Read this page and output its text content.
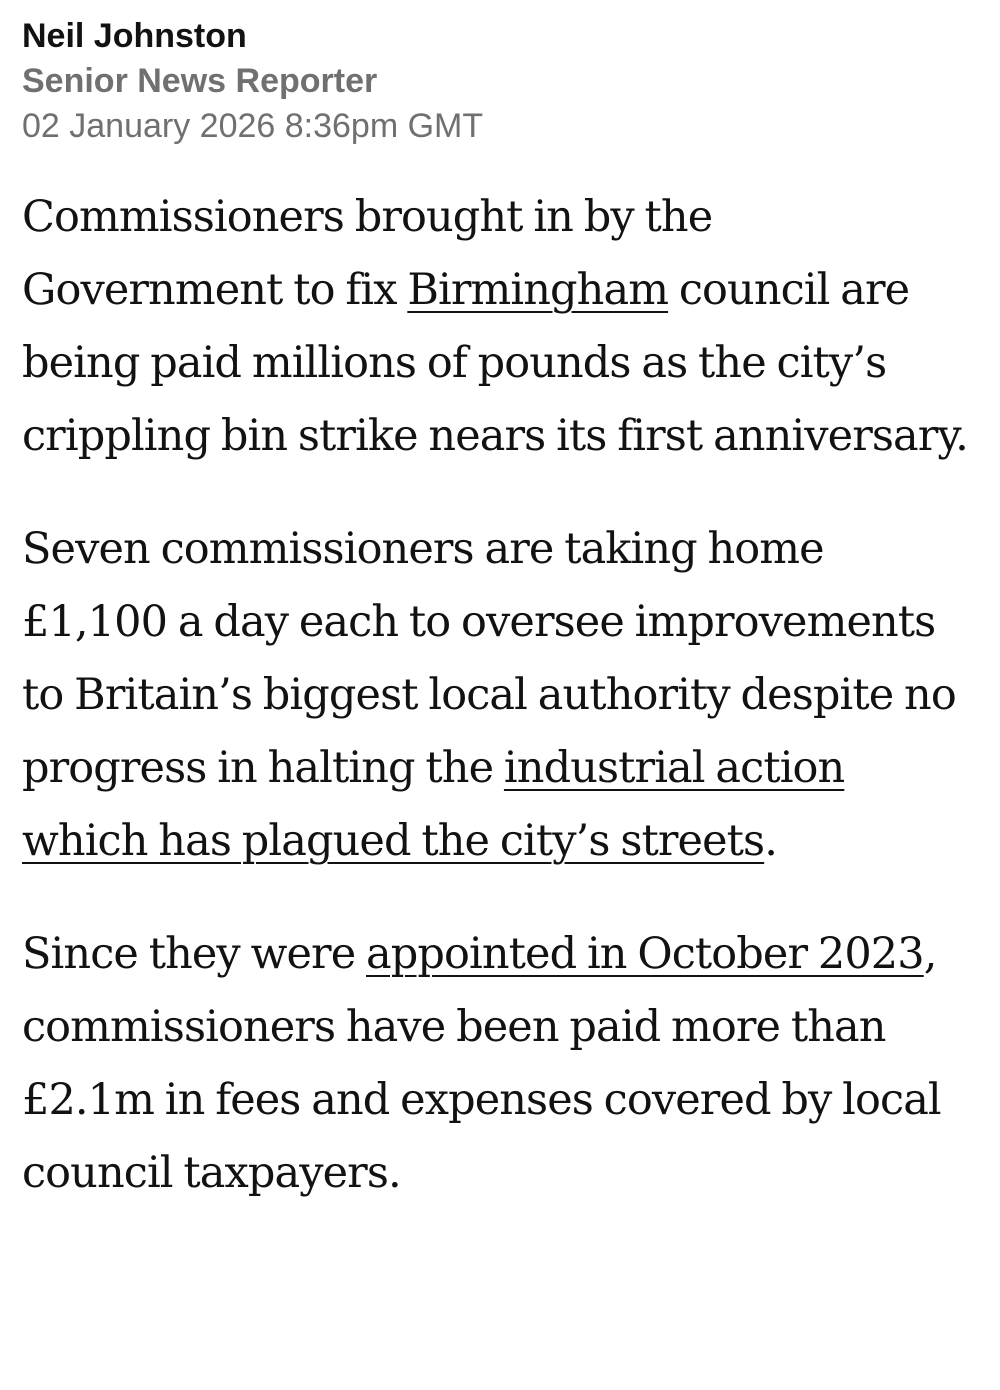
Neil Johnston
Senior News Reporter
02 January 2026 8:36pm GMT

Commissioners brought in by the Government to fix Birmingham council are being paid millions of pounds as the city’s crippling bin strike nears its first anniversary.

Seven commissioners are taking home £1,100 a day each to oversee improvements to Britain’s biggest local authority despite no progress in halting the industrial action which has plagued the city’s streets.

Since they were appointed in October 2023, commissioners have been paid more than £2.1m in fees and expenses covered by local council taxpayers.
